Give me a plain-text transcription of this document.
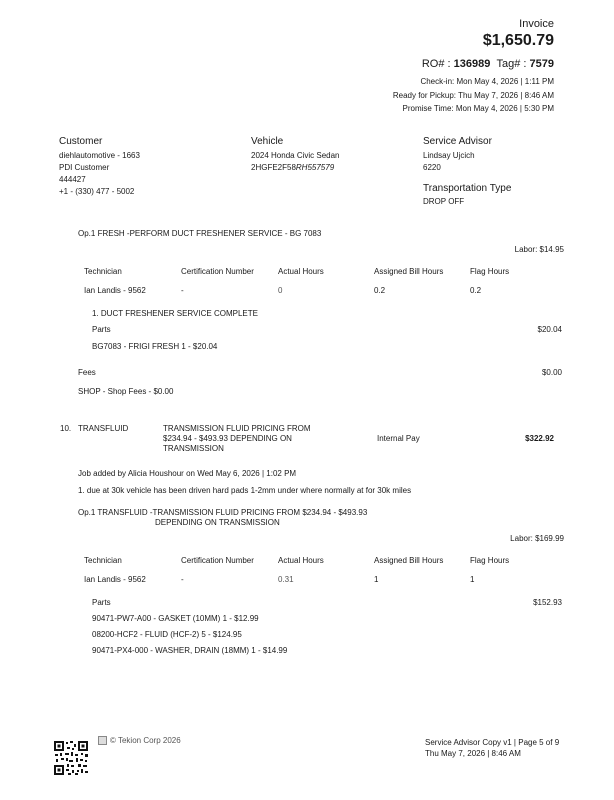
Invoice
$1,650.79
RO# : 136989 Tag# : 7579
Check-in: Mon May 4, 2026 | 1:11 PM
Ready for Pickup: Thu May 7, 2026 | 8:46 AM
Promise Time: Mon May 4, 2026 | 5:30 PM
Customer
diehlautomotive - 1663
PDI Customer
444427
+1 - (330) 477 - 5002
Vehicle
2024 Honda Civic Sedan
2HGFE2F58RH557579
Service Advisor
Lindsay Ujcich
6220
Transportation Type
DROP OFF
Op.1 FRESH -PERFORM DUCT FRESHENER SERVICE - BG 7083
Labor: $14.95
Technician	Certification Number	Actual Hours	Assigned Bill Hours	Flag Hours
Ian Landis - 9562	-	0	0.2	0.2
1. DUCT FRESHENER SERVICE COMPLETE
Parts	$20.04
BG7083 - FRIGI FRESH 1 - $20.04
Fees	$0.00
SHOP - Shop Fees - $0.00
10. TRANSFLUID	TRANSMISSION FLUID PRICING FROM
$234.94 - $493.93 DEPENDING ON
TRANSMISSION
Internal Pay	$322.92
Job added by Alicia Houshour on Wed May 6, 2026 | 1:02 PM
1. due at 30k vehicle has been driven hard pads 1-2mm under where normally at for 30k miles
Op.1 TRANSFLUID -TRANSMISSION FLUID PRICING FROM $234.94 - $493.93
DEPENDING ON TRANSMISSION
Labor: $169.99
Technician	Certification Number	Actual Hours	Assigned Bill Hours	Flag Hours
Ian Landis - 9562	-	0.31	1	1
Parts	$152.93
90471-PW7-A00 - GASKET (10MM) 1 - $12.99
08200-HCF2 - FLUID (HCF-2) 5 - $124.95
90471-PX4-000 - WASHER, DRAIN (18MM) 1 - $14.99
© Tekion Corp 2026	Service Advisor Copy v1 | Page 5 of 9
Thu May 7, 2026 | 8:46 AM
